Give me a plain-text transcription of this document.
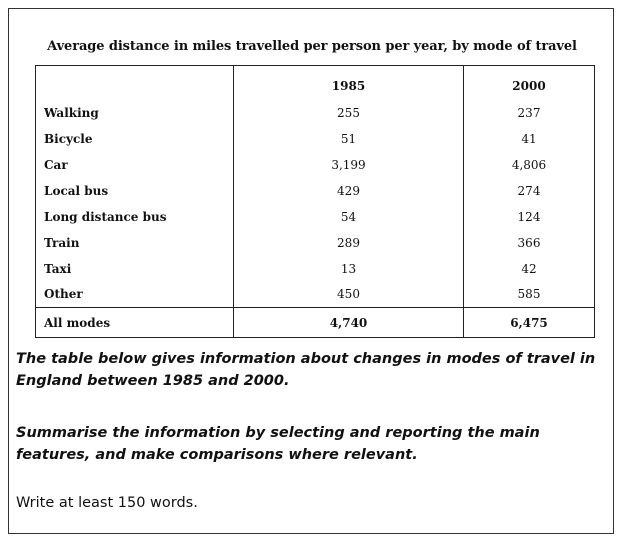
Average distance in miles travelled per person per year, by mode of travel
	1985	2000
Walking	255	237
Bicycle	51	41
Car	3,199	4,806
Local bus	429	274
Long distance bus	54	124
Train	289	366
Taxi	13	42
Other	450	585
All modes	4,740	6,475
The table below gives information about changes in modes of travel in England between 1985 and 2000.
Summarise the information by selecting and reporting the main features, and make comparisons where relevant.
Write at least 150 words.
